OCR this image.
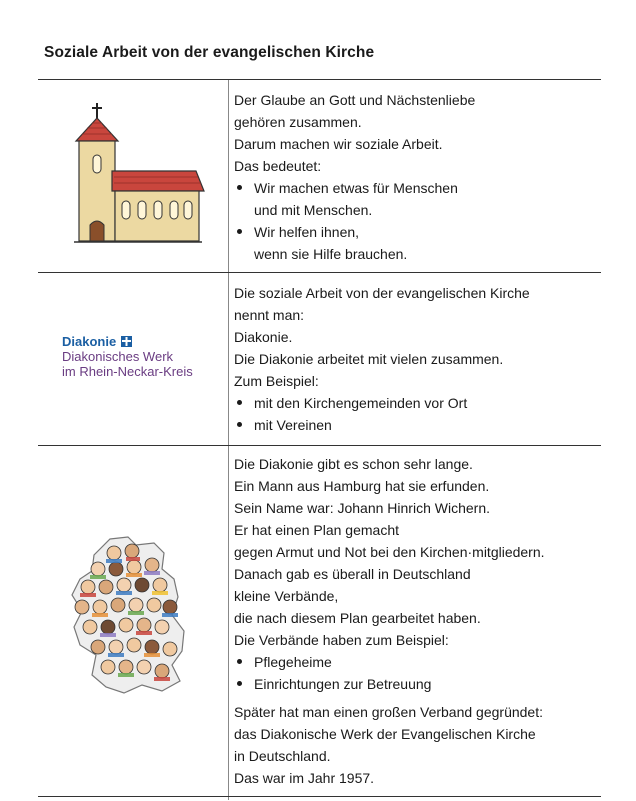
Soziale Arbeit von der evangelischen Kirche

Der Glaube an Gott und Nächstenliebe

gehören zusammen.

Darum machen wir soziale Arbeit.

Das bedeutet:

Wir machen etwas für Menschen
und mit Menschen.
Wir helfen ihnen,
wenn sie Hilfe brauchen.
Diakonie
Diakonisches Werk
im Rhein-Neckar-Kreis

Die soziale Arbeit von der evangelischen Kirche

nennt man:

Diakonie.

Die Diakonie arbeitet mit vielen zusammen.

Zum Beispiel:

mit den Kirchengemeinden vor Ort
mit Vereinen

Die Diakonie gibt es schon sehr lange.

Ein Mann aus Hamburg hat sie erfunden.

Sein Name war: Johann Hinrich Wichern.

Er hat einen Plan gemacht

gegen Armut und Not bei den Kirchen·mitgliedern.

Danach gab es überall in Deutschland

kleine Verbände,

die nach diesem Plan gearbeitet haben.

Die Verbände haben zum Beispiel:

Pflegeheime
Einrichtungen zur Betreuung

Später hat man einen großen Verband gegründet:

das Diakonische Werk der Evangelischen Kirche

in Deutschland.

Das war im Jahr 1957.
